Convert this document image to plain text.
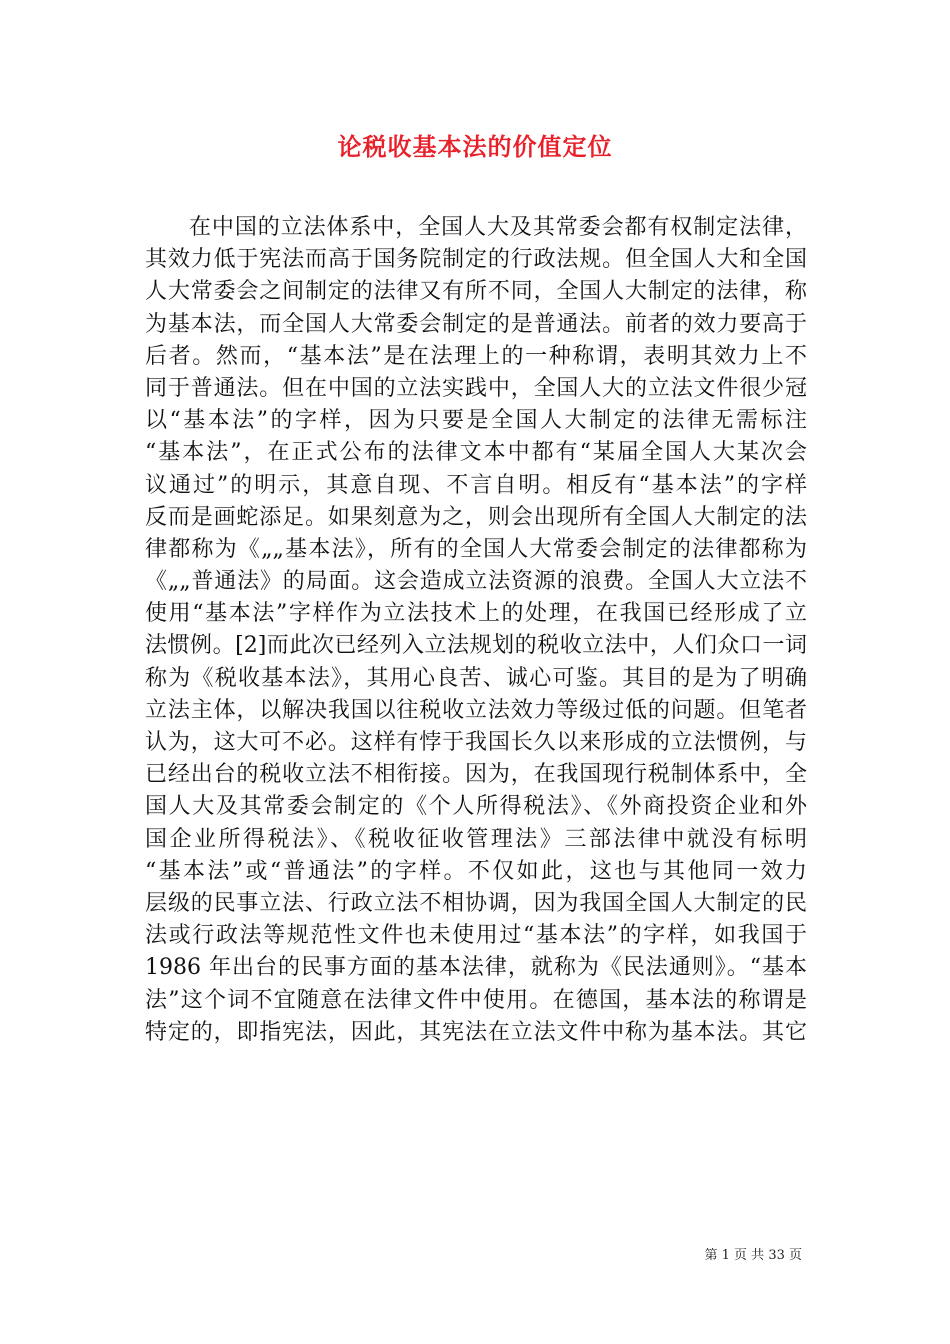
论税收基本法的价值定位
在中国的立法体系中，全国人大及其常委会都有权制定法律，
其效力低于宪法而高于国务院制定的行政法规。但全国人大和全国
人大常委会之间制定的法律又有所不同，全国人大制定的法律，称
为基本法，而全国人大常委会制定的是普通法。前者的效力要高于
后者。然而，“基本法”是在法理上的一种称谓，表明其效力上不
同于普通法。但在中国的立法实践中，全国人大的立法文件很少冠
以“基本法”的字样，因为只要是全国人大制定的法律无需标注
“基本法”，在正式公布的法律文本中都有“某届全国人大某次会
议通过”的明示，其意自现、不言自明。相反有“基本法”的字样
反而是画蛇添足。如果刻意为之，则会出现所有全国人大制定的法
律都称为《„„基本法》，所有的全国人大常委会制定的法律都称为
《„„普通法》的局面。这会造成立法资源的浪费。全国人大立法不
使用“基本法”字样作为立法技术上的处理，在我国已经形成了立
法惯例。[2]而此次已经列入立法规划的税收立法中，人们众口一词
称为《税收基本法》，其用心良苦、诚心可鉴。其目的是为了明确
立法主体，以解决我国以往税收立法效力等级过低的问题。但笔者
认为，这大可不必。这样有悖于我国长久以来形成的立法惯例，与
已经出台的税收立法不相衔接。因为，在我国现行税制体系中，全
国人大及其常委会制定的《个人所得税法》、《外商投资企业和外
国企业所得税法》、《税收征收管理法》三部法律中就没有标明
“基本法”或“普通法”的字样。不仅如此，这也与其他同一效力
层级的民事立法、行政立法不相协调，因为我国全国人大制定的民
法或行政法等规范性文件也未使用过“基本法”的字样，如我国于
1986 年出台的民事方面的基本法律，就称为《民法通则》。“基本
法”这个词不宜随意在法律文件中使用。在德国，基本法的称谓是
特定的，即指宪法，因此，其宪法在立法文件中称为基本法。其它
第 1 页 共 33 页
